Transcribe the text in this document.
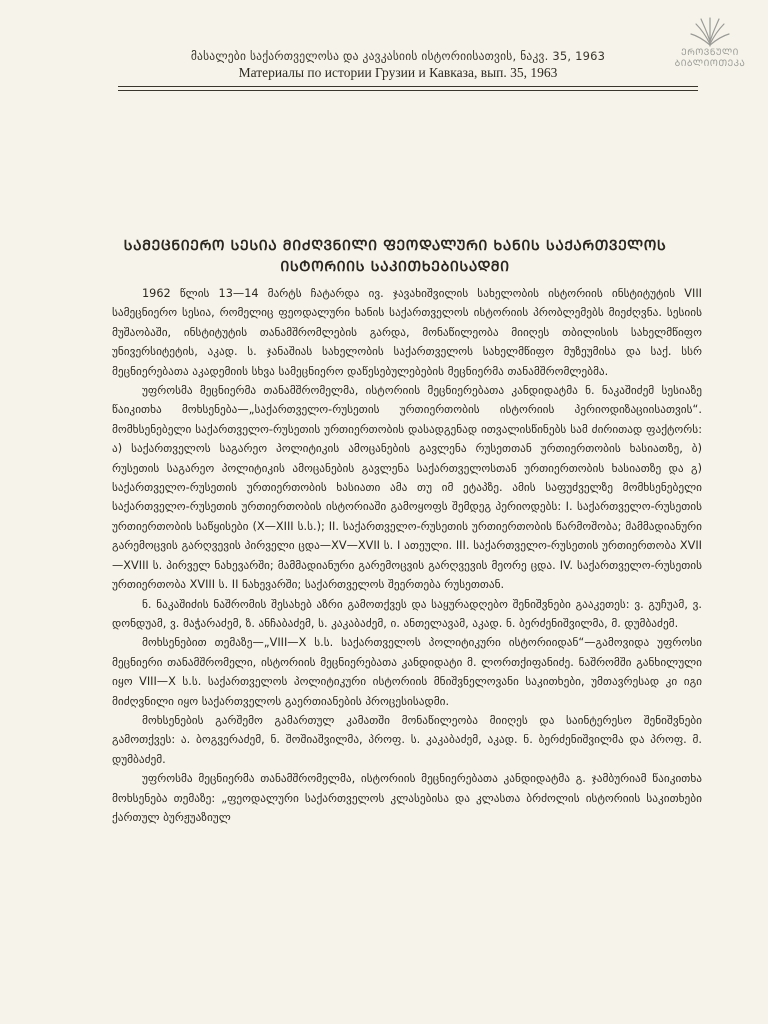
მასალები საქართველოსა და კავკასიის ისტორიისათვის, ნაკვ. 35, 1963
Материалы по истории Грузии и Кавказа, вып. 35, 1963
ᲔᲠᲝᲕᲜᲣᲚᲘ
ᲑᲘᲑᲚᲘᲝᲗᲔᲙᲐ
ᲡᲐᲛᲔᲪᲜᲘᲔᲠᲝ ᲡᲔᲡᲘᲐ ᲛᲘᲫᲦᲕᲜᲘᲚᲘ ᲤᲔᲝᲓᲐᲚᲣᲠᲘ ᲮᲐᲜᲘᲡ ᲡᲐᲥᲐᲠᲗᲕᲔᲚᲝᲡ ᲘᲡᲢᲝᲠᲘᲘᲡ ᲡᲐᲙᲘᲗᲮᲔᲑᲘᲡᲐᲓᲛᲘ

1962 წლის 13—14 მარტს ჩატარდა ივ. ჯავახიშვილის სახელობის ისტორიის ინსტიტუტის VIII სამეცნიერო სესია, რომელიც ფეოდალური ხანის საქართველოს ისტორიის პრობლემებს მიეძღვნა. სესიის მუშაობაში, ინსტიტუტის თანამშრომლების გარდა, მონაწილეობა მიიღეს თბილისის სახელმწიფო უნივერსიტეტის, აკად. ს. ჯანაშიას სახელობის საქართველოს სახელმწიფო მუზეუმისა და საქ. სსრ მეცნიერებათა აკადემიის სხვა სამეცნიერო დაწესებულებების მეცნიერმა თანამშრომლებმა.

უფროსმა მეცნიერმა თანამშრომელმა, ისტორიის მეცნიერებათა კანდიდატმა ნ. ნაკაშიძემ სესიაზე წაიკითხა მოხსენება—„საქართველო-რუსეთის ურთიერთობის ისტორიის პერიოდიზაციისათვის“. მომხსენებელი საქართველო-რუსეთის ურთიერთობის დასადგენად ითვალისწინებს სამ ძირითად ფაქტორს: ა) საქართველოს საგარეო პოლიტიკის ამოცანების გავლენა რუსეთთან ურთიერთობის ხასიათზე, ბ) რუსეთის საგარეო პოლიტიკის ამოცანების გავლენა საქართველოსთან ურთიერთობის ხასიათზე და გ) საქართველო-რუსეთის ურთიერთობის ხასიათი ამა თუ იმ ეტაპზე. ამის საფუძველზე მომხსენებელი საქართველო-რუსეთის ურთიერთობის ისტორიაში გამოყოფს შემდეგ პერიოდებს: I. საქართველო-რუსეთის ურთიერთობის საწყისები (X—XIII ს.ს.); II. საქართველო-რუსეთის ურთიერთობის წარმოშობა; მამმადიანური გარემოცვის გარღვევის პირველი ცდა—XV—XVII ს. I ათეული. III. საქართველო-რუსეთის ურთიერთობა XVII—XVIII ს. პირველ ნახევარში; მამმადიანური გარემოცვის გარღვევის მეორე ცდა. IV. საქართველო-რუსეთის ურთიერთობა XVIII ს. II ნახევარში; საქართველოს შეერთება რუსეთთან.

ნ. ნაკაშიძის ნაშრომის შესახებ აზრი გამოთქვეს და საყურადღებო შენიშვნები გააკეთეს: ვ. გუჩუამ, ვ. დონდუამ, ვ. მაჭარაძემ, ზ. ანჩაბაძემ, ს. კაკაბაძემ, ი. ანთელავამ, აკად. ნ. ბერძენიშვილმა, მ. დუმბაძემ.

მოხსენებით თემაზე—„VIII—X ს.ს. საქართველოს პოლიტიკური ისტორიიდან“—გამოვიდა უფროსი მეცნიერი თანამშრომელი, ისტორიის მეცნიერებათა კანდიდატი მ. ლორთქიფანიძე. ნაშრომში განხილული იყო VIII—X ს.ს. საქართველოს პოლიტიკური ისტორიის მნიშვნელოვანი საკითხები, უმთავრესად კი იგი მიძღვნილი იყო საქართველოს გაერთიანების პროცესისადმი.

მოხსენების გარშემო გამართულ კამათში მონაწილეობა მიიღეს და საინტერესო შენიშვნები გამოთქვეს: ა. ბოგვერაძემ, ნ. შოშიაშვილმა, პროფ. ს. კაკაბაძემ, აკად. ნ. ბერძენიშვილმა და პროფ. მ. დუმბაძემ.

უფროსმა მეცნიერმა თანამშრომელმა, ისტორიის მეცნიერებათა კანდიდატმა გ. ჯამბურიამ წაიკითხა მოხსენება თემაზე: „ფეოდალური საქართველოს კლასებისა და კლასთა ბრძოლის ისტორიის საკითხები ქართულ ბურჟუაზიულ
